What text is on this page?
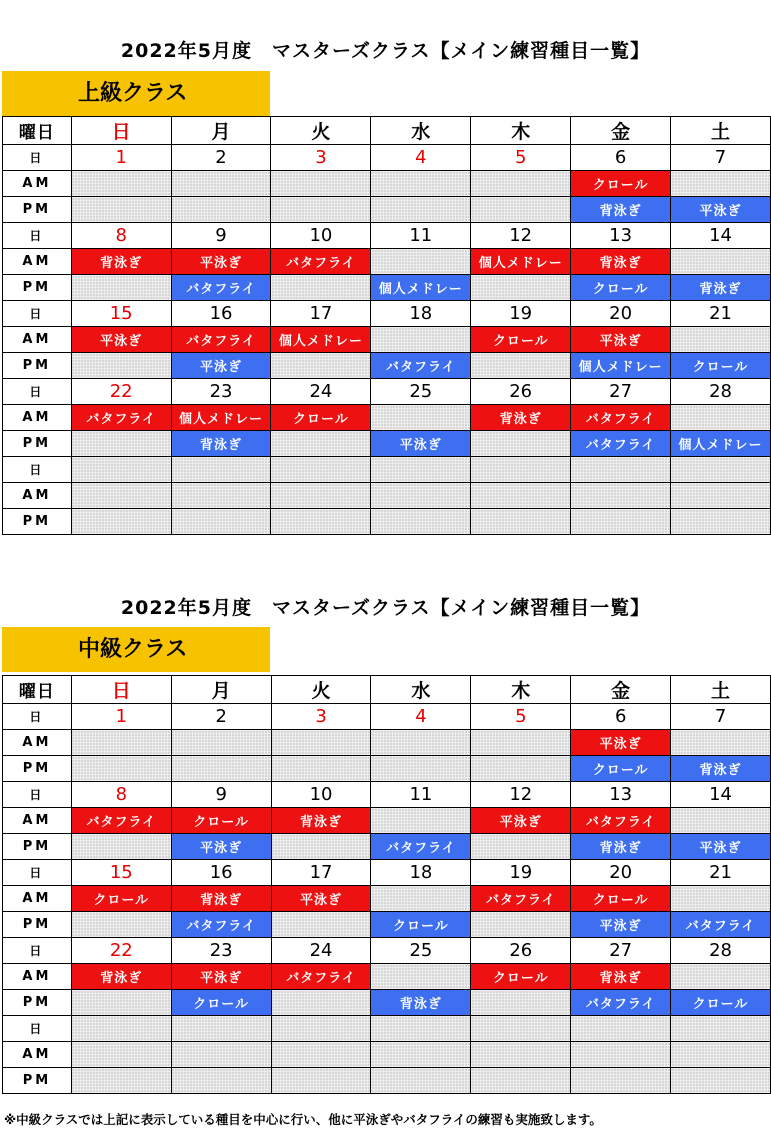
2022年5月度　マスターズクラス【メイン練習種目一覧】
上級クラス
曜日	日	月	火	水	木	金	土
日	1	2	3	4	5	6	7
AM						クロール	
PM						背泳ぎ	平泳ぎ
日	8	9	10	11	12	13	14
AM	背泳ぎ	平泳ぎ	バタフライ		個人メドレー	背泳ぎ	
PM		バタフライ		個人メドレー		クロール	背泳ぎ
日	15	16	17	18	19	20	21
AM	平泳ぎ	バタフライ	個人メドレー		クロール	平泳ぎ	
PM		平泳ぎ		バタフライ		個人メドレー	クロール
日	22	23	24	25	26	27	28
AM	バタフライ	個人メドレー	クロール		背泳ぎ	バタフライ	
PM		背泳ぎ		平泳ぎ		バタフライ	個人メドレー
日							
AM							
PM							
2022年5月度　マスターズクラス【メイン練習種目一覧】
中級クラス
曜日	日	月	火	水	木	金	土
日	1	2	3	4	5	6	7
AM						平泳ぎ	
PM						クロール	背泳ぎ
日	8	9	10	11	12	13	14
AM	バタフライ	クロール	背泳ぎ		平泳ぎ	バタフライ	
PM		平泳ぎ		バタフライ		背泳ぎ	平泳ぎ
日	15	16	17	18	19	20	21
AM	クロール	背泳ぎ	平泳ぎ		バタフライ	クロール	
PM		バタフライ		クロール		平泳ぎ	バタフライ
日	22	23	24	25	26	27	28
AM	背泳ぎ	平泳ぎ	バタフライ		クロール	背泳ぎ	
PM		クロール		背泳ぎ		バタフライ	クロール
日							
AM							
PM							
※中級クラスでは上記に表示している種目を中心に行い、他に平泳ぎやバタフライの練習も実施致します。
